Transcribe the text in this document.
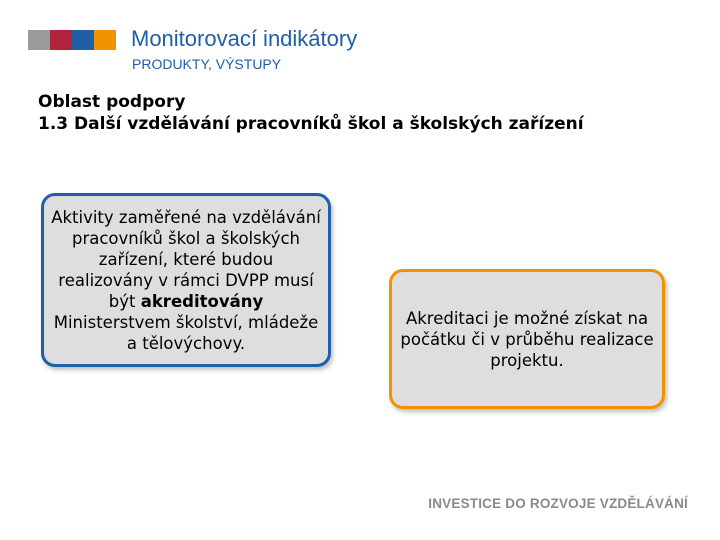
Monitorovací indikátory
PRODUKTY, VÝSTUPY
Oblast podpory
1.3 Další vzdělávání pracovníků škol a školských zařízení
Aktivity zaměřené na vzdělávání pracovníků škol a školských zařízení, které budou realizovány v rámci DVPP musí být akreditovány Ministerstvem školství, mládeže a tělovýchovy.
Akreditaci je možné získat na počátku či v průběhu realizace projektu.
INVESTICE DO ROZVOJE VZDĚLÁVÁNÍ
